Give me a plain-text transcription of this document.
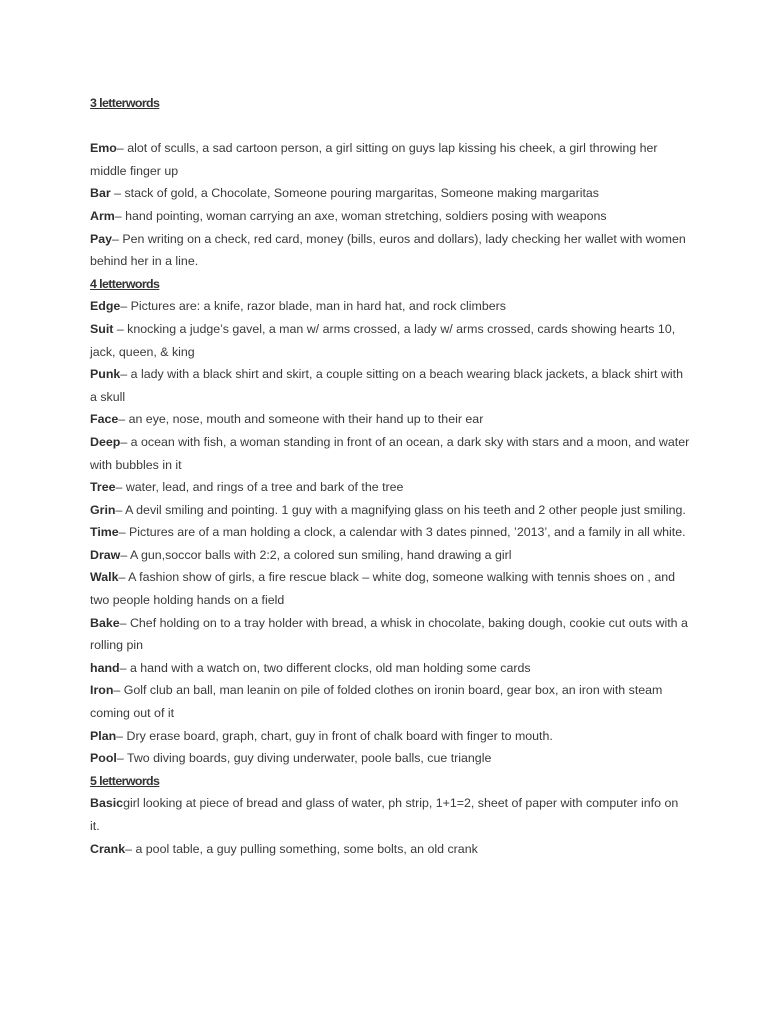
3 letterwords

Emo– alot of sculls, a sad cartoon person, a girl sitting on guys lap kissing his cheek, a girl throwing her middle finger up

Bar – stack of gold, a Chocolate, Someone pouring margaritas, Someone making margaritas

Arm– hand pointing, woman carrying an axe, woman stretching, soldiers posing with weapons

Pay– Pen writing on a check, red card, money (bills, euros and dollars), lady checking her wallet with women behind her in a line.

4 letterwords

Edge– Pictures are: a knife, razor blade, man in hard hat, and rock climbers

Suit – knocking a judge’s gavel, a man w/ arms crossed, a lady w/ arms crossed, cards showing hearts 10, jack, queen, & king

Punk– a lady with a black shirt and skirt, a couple sitting on a beach wearing black jackets, a black shirt with a skull

Face– an eye, nose, mouth and someone with their hand up to their ear

Deep– a ocean with fish, a woman standing in front of an ocean, a dark sky with stars and a moon, and water with bubbles in it

Tree– water, lead, and rings of a tree and bark of the tree

Grin– A devil smiling and pointing. 1 guy with a magnifying glass on his teeth and 2 other people just smiling.

Time– Pictures are of a man holding a clock, a calendar with 3 dates pinned, ’2013’, and a family in all white.

Draw– A gun,soccor balls with 2:2, a colored sun smiling, hand drawing a girl

Walk– A fashion show of girls, a fire rescue black – white dog, someone walking with tennis shoes on , and two people holding hands on a field

Bake– Chef holding on to a tray holder with bread, a whisk in chocolate, baking dough, cookie cut outs with a rolling pin

hand– a hand with a watch on, two different clocks, old man holding some cards

Iron– Golf club an ball, man leanin on pile of folded clothes on ironin board, gear box, an iron with steam coming out of it

Plan– Dry erase board, graph, chart, guy in front of chalk board with finger to mouth.

Pool– Two diving boards, guy diving underwater, poole balls, cue triangle

5 letterwords

Basicgirl looking at piece of bread and glass of water, ph strip, 1+1=2, sheet of paper with computer info on it.

Crank– a pool table, a guy pulling something, some bolts, an old crank
